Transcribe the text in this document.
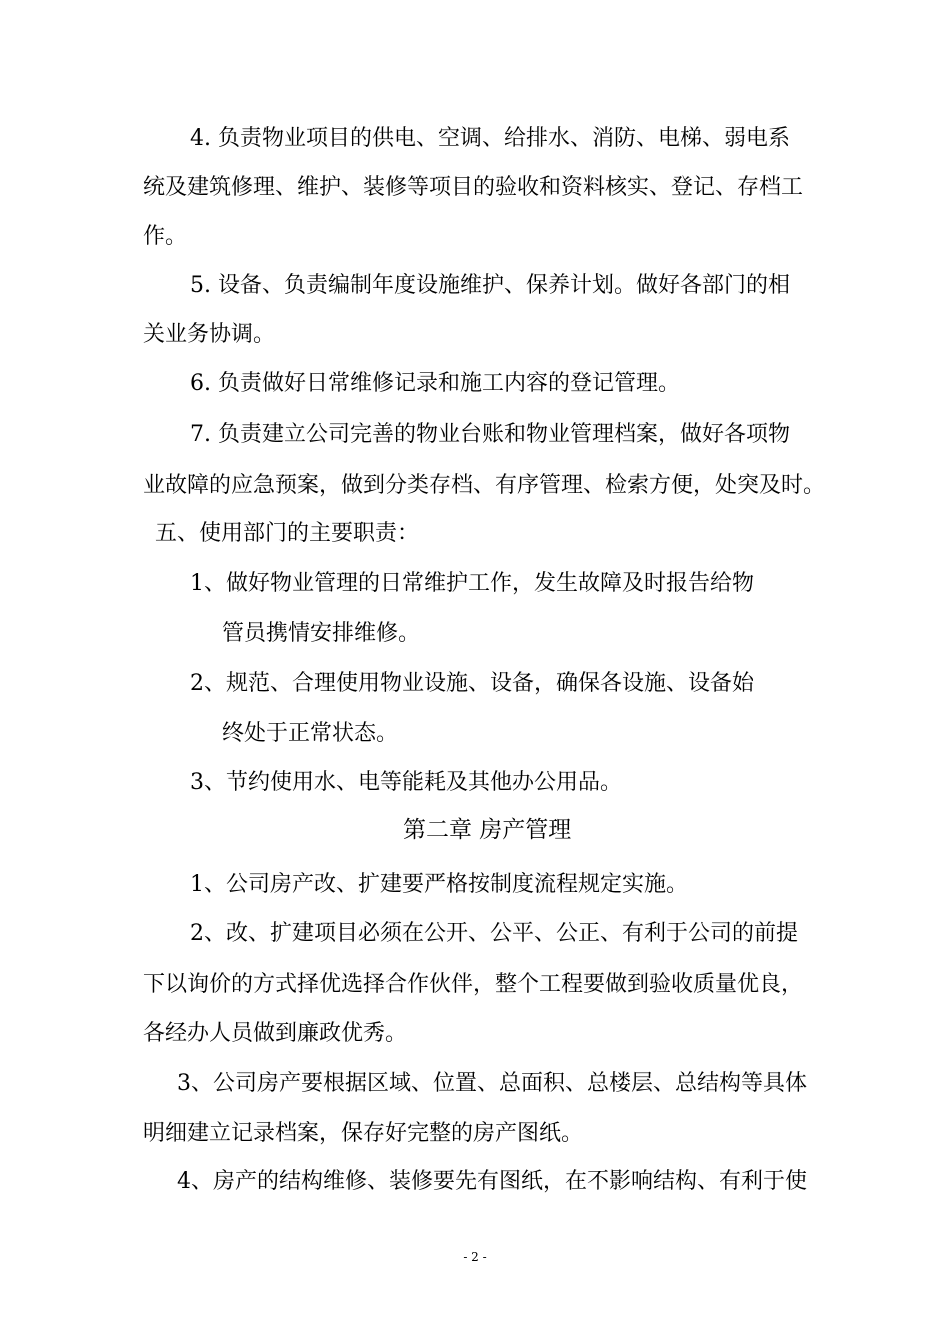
4. 负责物业项目的供电、空调、给排水、消防、电梯、弱电系
统及建筑修理、维护、装修等项目的验收和资料核实、登记、存档工
作。
5. 设备、负责编制年度设施维护、保养计划。做好各部门的相
关业务协调。
6. 负责做好日常维修记录和施工内容的登记管理。
7. 负责建立公司完善的物业台账和物业管理档案，做好各项物
业故障的应急预案，做到分类存档、有序管理、检索方便，处突及时。
五、使用部门的主要职责：
1、做好物业管理的日常维护工作，发生故障及时报告给物
管员携情安排维修。
2、规范、合理使用物业设施、设备，确保各设施、设备始
终处于正常状态。
3、节约使用水、电等能耗及其他办公用品。
第二章 房产管理
1、公司房产改、扩建要严格按制度流程规定实施。
2、改、扩建项目必须在公开、公平、公正、有利于公司的前提
下以询价的方式择优选择合作伙伴，整个工程要做到验收质量优良，
各经办人员做到廉政优秀。
3、公司房产要根据区域、位置、总面积、总楼层、总结构等具体
明细建立记录档案，保存好完整的房产图纸。
4、房产的结构维修、装修要先有图纸，在不影响结构、有利于使
- 2 -
